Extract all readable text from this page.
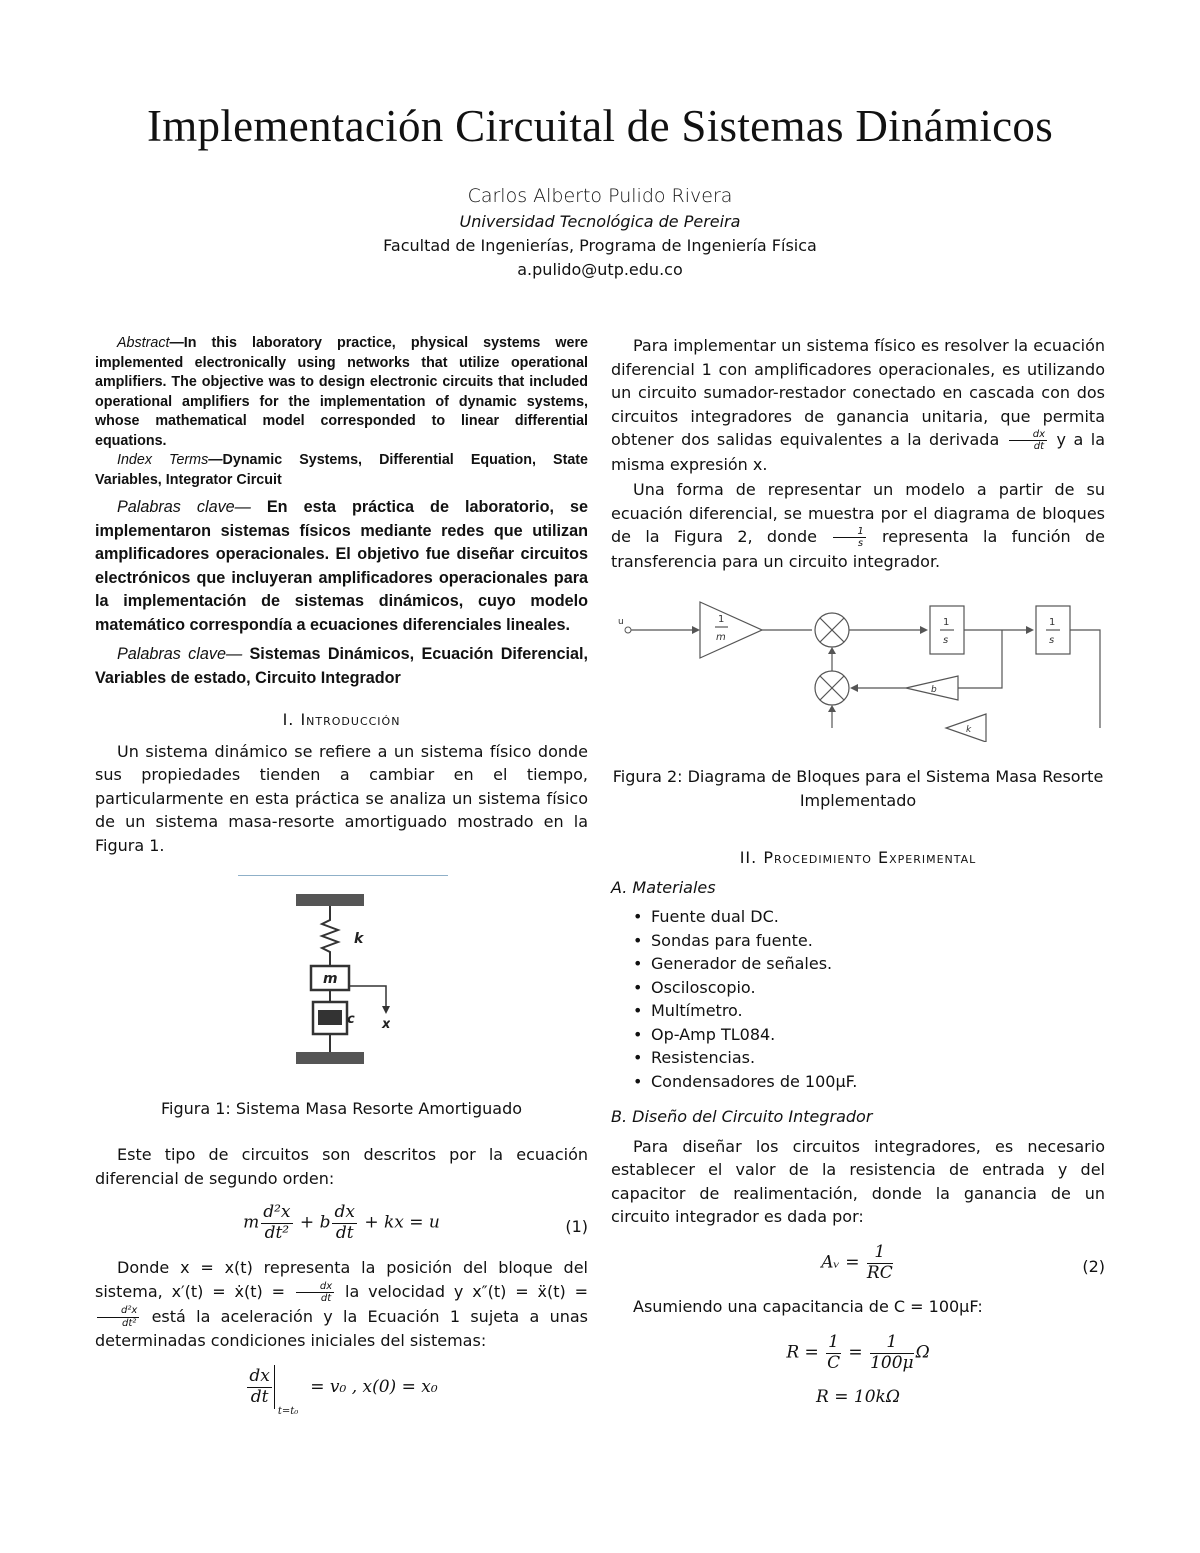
Implementación Circuital de Sistemas Dinámicos
Carlos Alberto Pulido Rivera
Universidad Tecnológica de Pereira
Facultad de Ingenierías, Programa de Ingeniería Física
a.pulido@utp.edu.co

Abstract—In this laboratory practice, physical systems were implemented electronically using networks that utilize operational amplifiers. The objective was to design electronic circuits that included operational amplifiers for the implementation of dynamic systems, whose mathematical model corresponded to linear differential equations.

Index Terms—Dynamic Systems, Differential Equation, State Variables, Integrator Circuit

Palabras clave— En esta práctica de laboratorio, se implementaron sistemas físicos mediante redes que utilizan amplificadores operacionales. El objetivo fue diseñar circuitos electrónicos que incluyeran amplificadores operacionales para la implementación de sistemas dinámicos, cuyo modelo matemático correspondía a ecuaciones diferenciales lineales.

Palabras clave— Sistemas Dinámicos, Ecuación Diferencial, Variables de estado, Circuito Integrador

I. Introducción

Un sistema dinámico se refiere a un sistema físico donde sus propiedades tienden a cambiar en el tiempo, particularmente en esta práctica se analiza un sistema físico de un sistema masa-resorte amortiguado mostrado en la Figura 1.

k
m
c x
Figura 1: Sistema Masa Resorte Amortiguado

Este tipo de circuitos son descritos por la ecuación diferencial de segundo orden:

m $\frac{\text{d²x}}{\text{dt²}} + b \frac{dx}{dt}$ + kx = u	(1)

Donde x = x(t) representa la posición del bloque del sistema, x′(t) = ẋ(t) = $\frac{dx}{dt}$ la velocidad y x″(t) = ẍ(t) =
$\frac{\text{d²x}}{\text{dt²}}$ está la aceleración y la Ecuación 1 sujeta a unas determinadas condiciones iniciales del sistemas:

$\frac{dx}{dt}$
t=t₀
= v₀ , x(0) = x₀

Para implementar un sistema físico es resolver la ecuación diferencial 1 con amplificadores operacionales, es utilizando un circuito sumador-restador conectado en cascada con dos circuitos integradores de ganancia unitaria, que permita obtener dos salidas equivalentes a la derivada $\frac{dx}{dt}$ y a la misma expresión x.

Una forma de representar un modelo a partir de su ecuación diferencial, se muestra por el diagrama de bloques de la Figura 2, donde $\frac{1}{s}$ representa la función de transferencia para un circuito integrador.

u	1
m
1
s
1
s
b
k
Figura 2: Diagrama de Bloques para el Sistema Masa Resorte Implementado
II. Procedimiento Experimental
A. Materiales
• Fuente dual DC.
• Sondas para fuente.
• Generador de señales.
• Osciloscopio.
• Multímetro.
• Op-Amp TL084.
• Resistencias.
• Condensadores de 100μF.
B. Diseño del Circuito Integrador

Para diseñar los circuitos integradores, es necesario establecer el valor de la resistencia de entrada y del capacitor de realimentación, donde la ganancia de un circuito integrador es dada por:

Aᵥ = $\frac{1}{RC}$	(2)

Asumiendo una capacitancia de C = 100μF:

$R = \frac{1}{C} = \frac{1}{100\mu}$ Ω
R = 10kΩ
